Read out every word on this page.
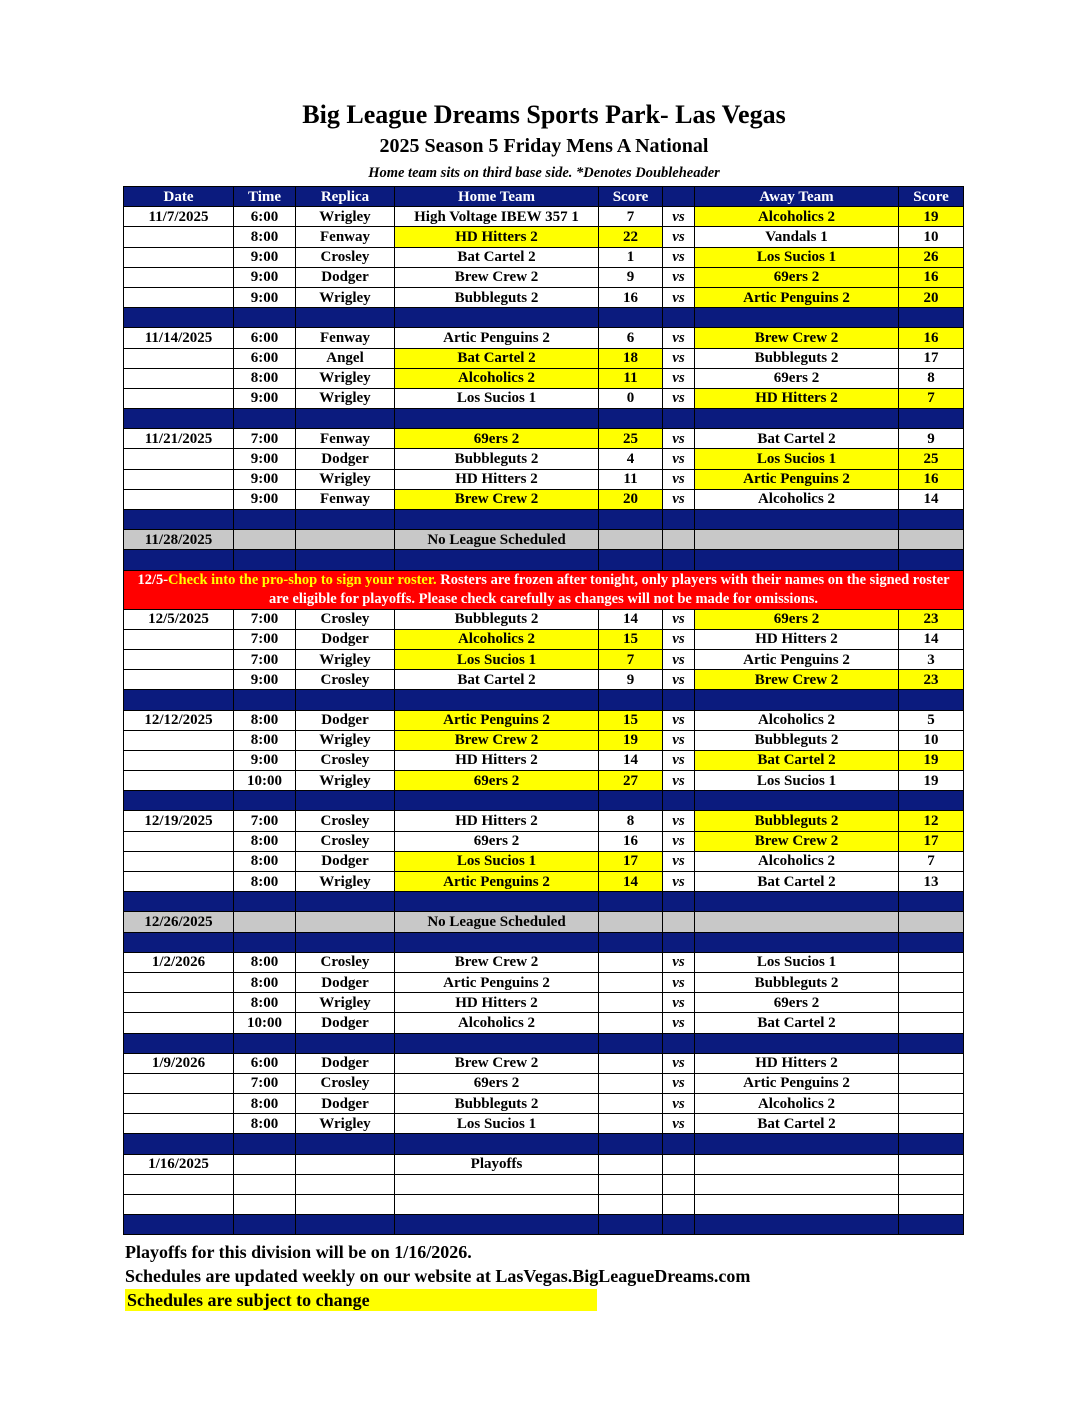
Big League Dreams Sports Park- Las Vegas
2025 Season 5 Friday Mens A National
Home team sits on third base side. *Denotes Doubleheader
Date	Time	Replica	Home Team	Score		Away Team	Score
11/7/2025	6:00	Wrigley	High Voltage IBEW 357 1	7	vs	Alcoholics 2	19
	8:00	Fenway	HD Hitters 2	22	vs	Vandals 1	10
	9:00	Crosley	Bat Cartel 2	1	vs	Los Sucios 1	26
	9:00	Dodger	Brew Crew 2	9	vs	69ers 2	16
	9:00	Wrigley	Bubbleguts 2	16	vs	Artic Penguins 2	20

11/14/2025	6:00	Fenway	Artic Penguins 2	6	vs	Brew Crew 2	16
	6:00	Angel	Bat Cartel 2	18	vs	Bubbleguts 2	17
	8:00	Wrigley	Alcoholics 2	11	vs	69ers 2	8
	9:00	Wrigley	Los Sucios 1	0	vs	HD Hitters 2	7

11/21/2025	7:00	Fenway	69ers 2	25	vs	Bat Cartel 2	9
	9:00	Dodger	Bubbleguts 2	4	vs	Los Sucios 1	25
	9:00	Wrigley	HD Hitters 2	11	vs	Artic Penguins 2	16
	9:00	Fenway	Brew Crew 2	20	vs	Alcoholics 2	14

11/28/2025			No League Scheduled				

12/5-Check into the pro-shop to sign your roster. Rosters are frozen after tonight, only players with their names on the signed roster are eligible for playoffs. Please check carefully as changes will not be made for omissions.							
12/5/2025	7:00	Crosley	Bubbleguts 2	14	vs	69ers 2	23
	7:00	Dodger	Alcoholics 2	15	vs	HD Hitters 2	14
	7:00	Wrigley	Los Sucios 1	7	vs	Artic Penguins 2	3
	9:00	Crosley	Bat Cartel 2	9	vs	Brew Crew 2	23

12/12/2025	8:00	Dodger	Artic Penguins 2	15	vs	Alcoholics 2	5
	8:00	Wrigley	Brew Crew 2	19	vs	Bubbleguts 2	10
	9:00	Crosley	HD Hitters 2	14	vs	Bat Cartel 2	19
	10:00	Wrigley	69ers 2	27	vs	Los Sucios 1	19

12/19/2025	7:00	Crosley	HD Hitters 2	8	vs	Bubbleguts 2	12
	8:00	Crosley	69ers 2	16	vs	Brew Crew 2	17
	8:00	Dodger	Los Sucios 1	17	vs	Alcoholics 2	7
	8:00	Wrigley	Artic Penguins 2	14	vs	Bat Cartel 2	13

12/26/2025			No League Scheduled				

1/2/2026	8:00	Crosley	Brew Crew 2		vs	Los Sucios 1	
	8:00	Dodger	Artic Penguins 2		vs	Bubbleguts 2	
	8:00	Wrigley	HD Hitters 2		vs	69ers 2	
	10:00	Dodger	Alcoholics 2		vs	Bat Cartel 2	

1/9/2026	6:00	Dodger	Brew Crew 2		vs	HD Hitters 2	
	7:00	Crosley	69ers 2		vs	Artic Penguins 2	
	8:00	Dodger	Bubbleguts 2		vs	Alcoholics 2	
	8:00	Wrigley	Los Sucios 1		vs	Bat Cartel 2	

1/16/2025			Playoffs				

Playoffs for this division will be on 1/16/2026.
Schedules are updated weekly on our website at LasVegas.BigLeagueDreams.com
Schedules are subject to change
